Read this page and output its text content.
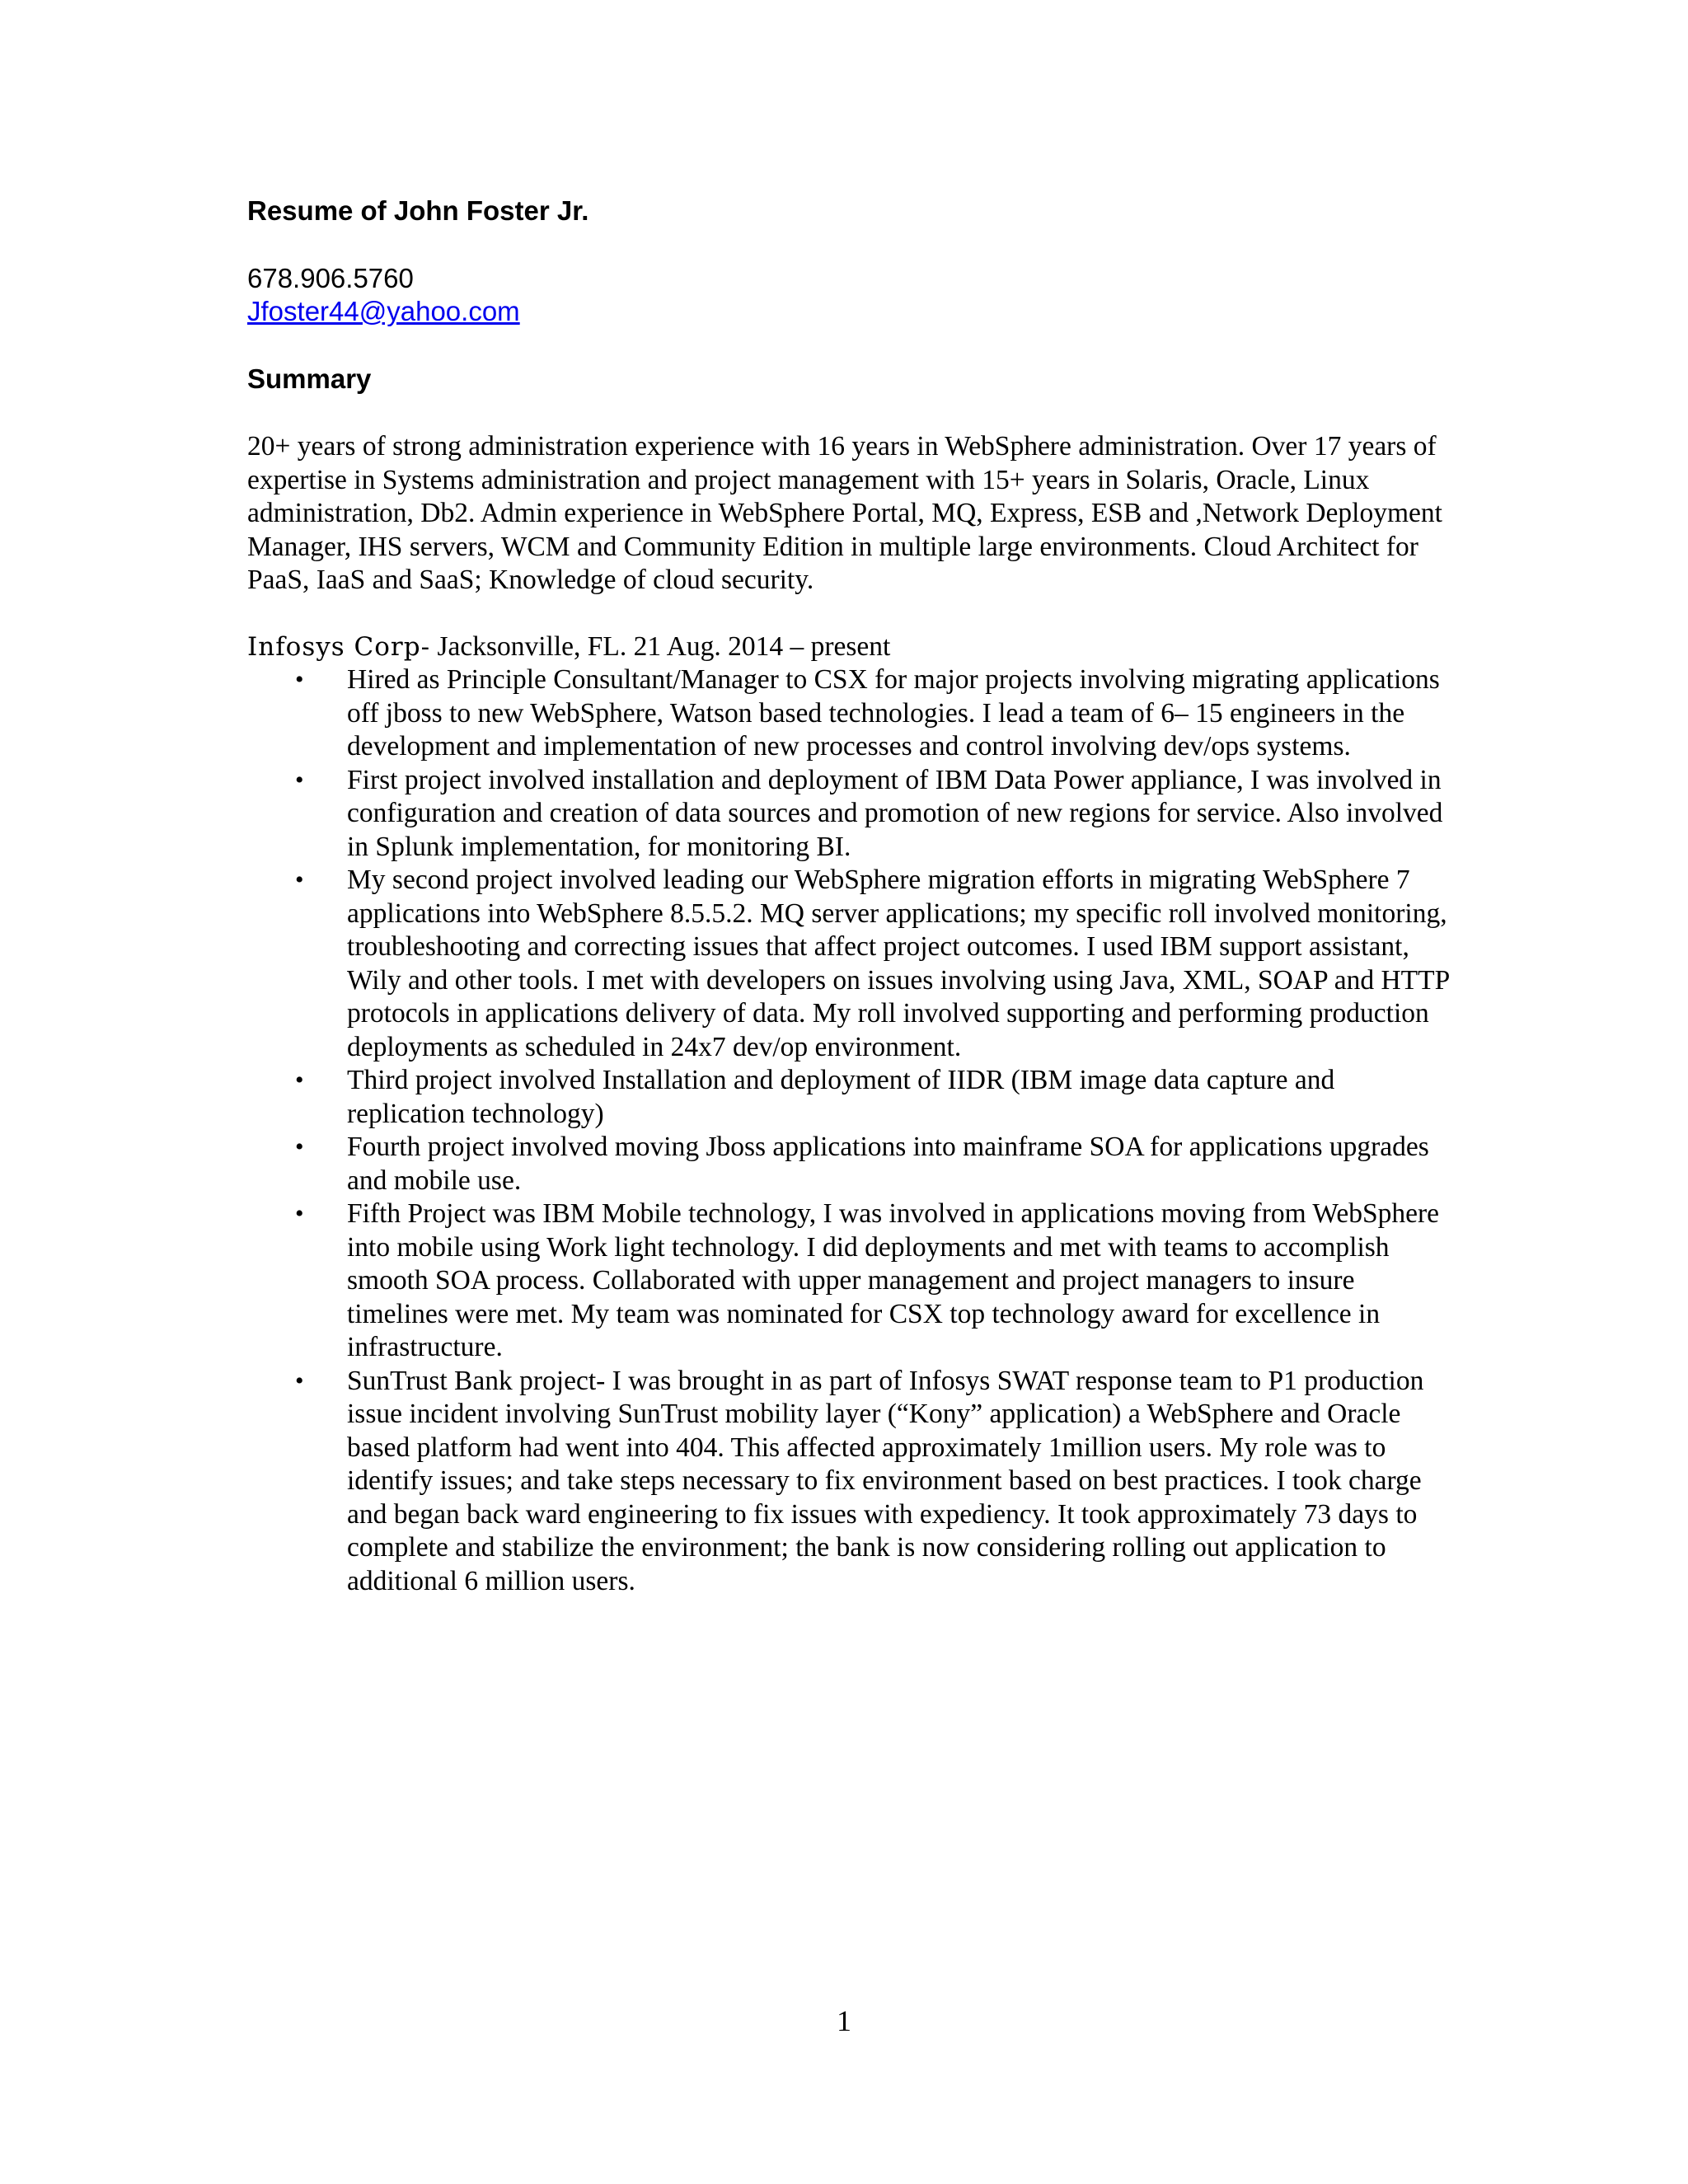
Resume of John Foster Jr.
678.906.5760
Jfoster44@yahoo.com
Summary
20+ years of strong administration experience with 16 years in WebSphere administration. Over 17 years of expertise in Systems administration and project management with 15+ years in Solaris, Oracle, Linux administration, Db2. Admin experience in WebSphere Portal, MQ, Express, ESB and ,Network Deployment Manager, IHS servers, WCM and Community Edition in multiple large environments. Cloud Architect for PaaS, IaaS and SaaS; Knowledge of cloud security.
Infosys Corp- Jacksonville, FL. 21 Aug. 2014 – present
• Hired as Principle Consultant/Manager to CSX for major projects involving migrating applications off jboss to new WebSphere, Watson based technologies. I lead a team of 6– 15 engineers in the development and implementation of new processes and control involving dev/ops systems.
• First project involved installation and deployment of IBM Data Power appliance, I was involved in configuration and creation of data sources and promotion of new regions for service. Also involved in Splunk implementation, for monitoring BI.
• My second project involved leading our WebSphere migration efforts in migrating WebSphere 7 applications into WebSphere 8.5.5.2. MQ server applications; my specific roll involved monitoring, troubleshooting and correcting issues that affect project outcomes. I used IBM support assistant, Wily and other tools. I met with developers on issues involving using Java, XML, SOAP and HTTP protocols in applications delivery of data. My roll involved supporting and performing production deployments as scheduled in 24x7 dev/op environment.
• Third project involved Installation and deployment of IIDR (IBM image data capture and replication technology)
• Fourth project involved moving Jboss applications into mainframe SOA for applications upgrades and mobile use.
• Fifth Project was IBM Mobile technology, I was involved in applications moving from WebSphere into mobile using Work light technology. I did deployments and met with teams to accomplish smooth SOA process. Collaborated with upper management and project managers to insure timelines were met. My team was nominated for CSX top technology award for excellence in infrastructure.
• SunTrust Bank project- I was brought in as part of Infosys SWAT response team to P1 production issue incident involving SunTrust mobility layer (“Kony” application) a WebSphere and Oracle based platform had went into 404. This affected approximately 1million users. My role was to identify issues; and take steps necessary to fix environment based on best practices. I took charge and began back ward engineering to fix issues with expediency. It took approximately 73 days to complete and stabilize the environment; the bank is now considering rolling out application to additional 6 million users.
1
